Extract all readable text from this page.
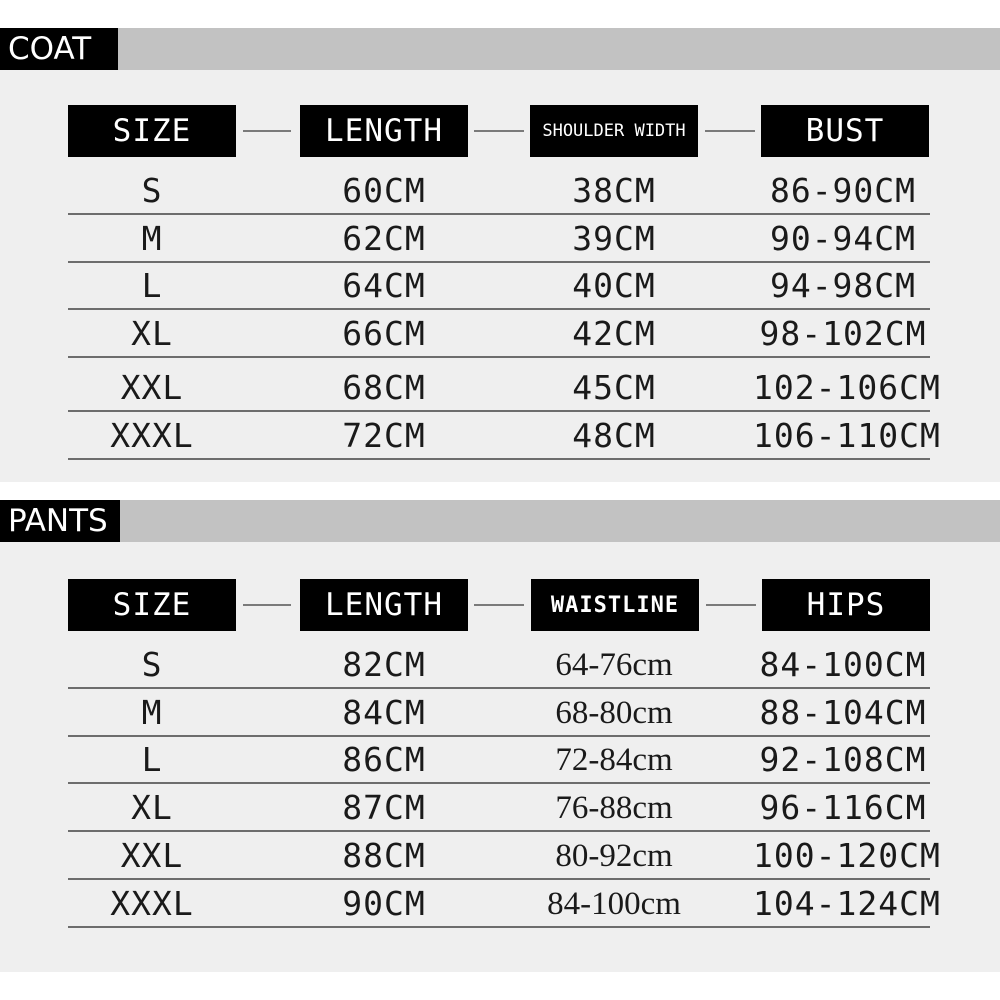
COAT
SIZE	LENGTH	SHOULDER WIDTH	BUST
S	60CM	38CM	86-90CM
M	62CM	39CM	90-94CM
L	64CM	40CM	94-98CM
XL	66CM	42CM	98-102CM
XXL	68CM	45CM	102-106CM
XXXL	72CM	48CM	106-110CM
PANTS
SIZE	LENGTH	WAISTLINE	HIPS
S	82CM	64-76cm	84-100CM
M	84CM	68-80cm	88-104CM
L	86CM	72-84cm	92-108CM
XL	87CM	76-88cm	96-116CM
XXL	88CM	80-92cm	100-120CM
XXXL	90CM	84-100cm	104-124CM
